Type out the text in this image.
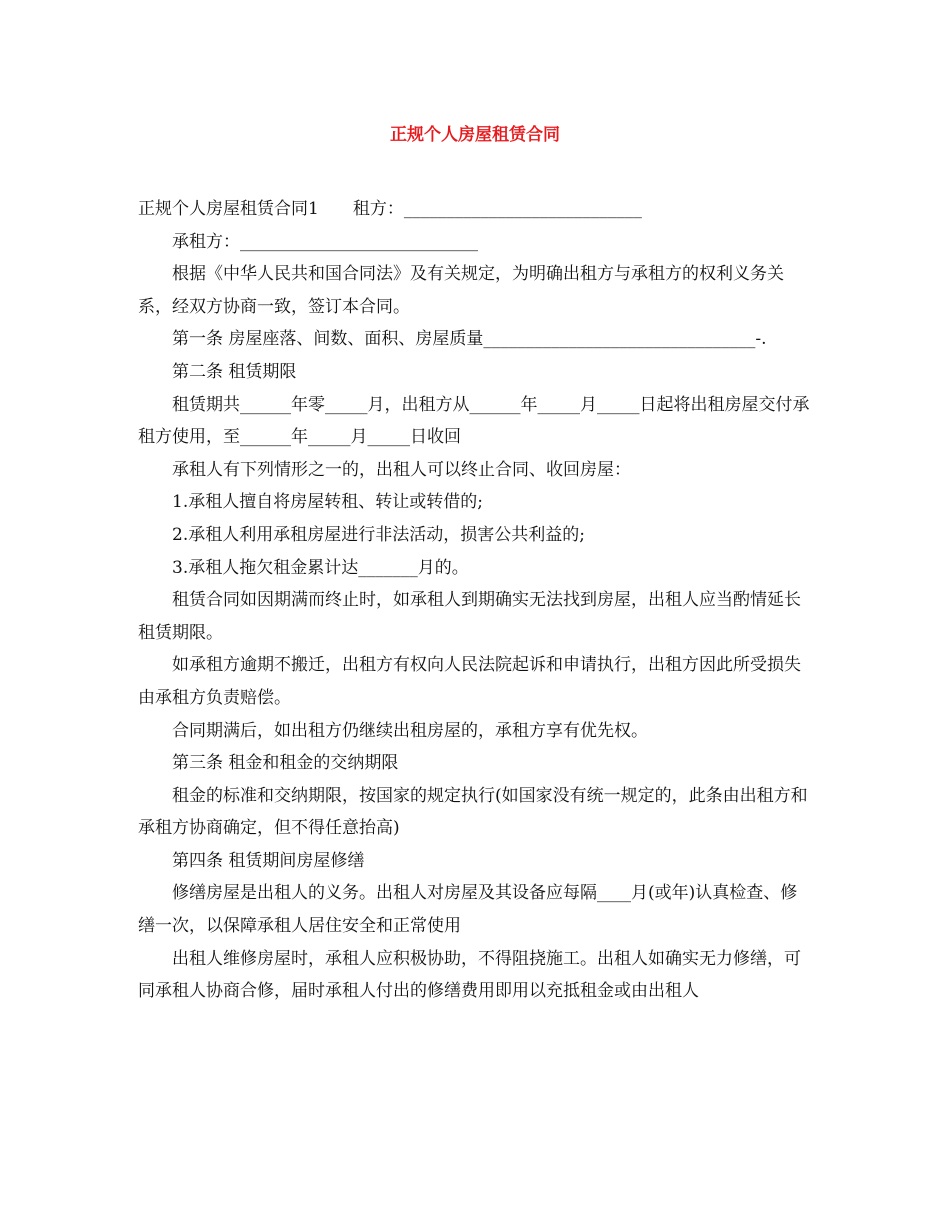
正规个人房屋租赁合同

正规个人房屋租赁合同1　　租方：____________________________

承租方：____________________________

根据《中华人民共和国合同法》及有关规定，为明确出租方与承租方的权利义务关系，经双方协商一致，签订本合同。

第一条 房屋座落、间数、面积、房屋质量________________________________-.

第二条 租赁期限

租赁期共______年零_____月，出租方从______年_____月_____日起将出租房屋交付承租方使用，至______年_____月_____日收回

承租人有下列情形之一的，出租人可以终止合同、收回房屋：

1.承租人擅自将房屋转租、转让或转借的;

2.承租人利用承租房屋进行非法活动，损害公共利益的;

3.承租人拖欠租金累计达_______月的。

租赁合同如因期满而终止时，如承租人到期确实无法找到房屋，出租人应当酌情延长租赁期限。

如承租方逾期不搬迁，出租方有权向人民法院起诉和申请执行，出租方因此所受损失由承租方负责赔偿。

合同期满后，如出租方仍继续出租房屋的，承租方享有优先权。

第三条 租金和租金的交纳期限

租金的标准和交纳期限，按国家的规定执行(如国家没有统一规定的，此条由出租方和承租方协商确定，但不得任意抬高)

第四条 租赁期间房屋修缮

修缮房屋是出租人的义务。出租人对房屋及其设备应每隔____月(或年)认真检查、修缮一次，以保障承租人居住安全和正常使用

出租人维修房屋时，承租人应积极协助，不得阻挠施工。出租人如确实无力修缮，可同承租人协商合修，届时承租人付出的修缮费用即用以充抵租金或由出租人
